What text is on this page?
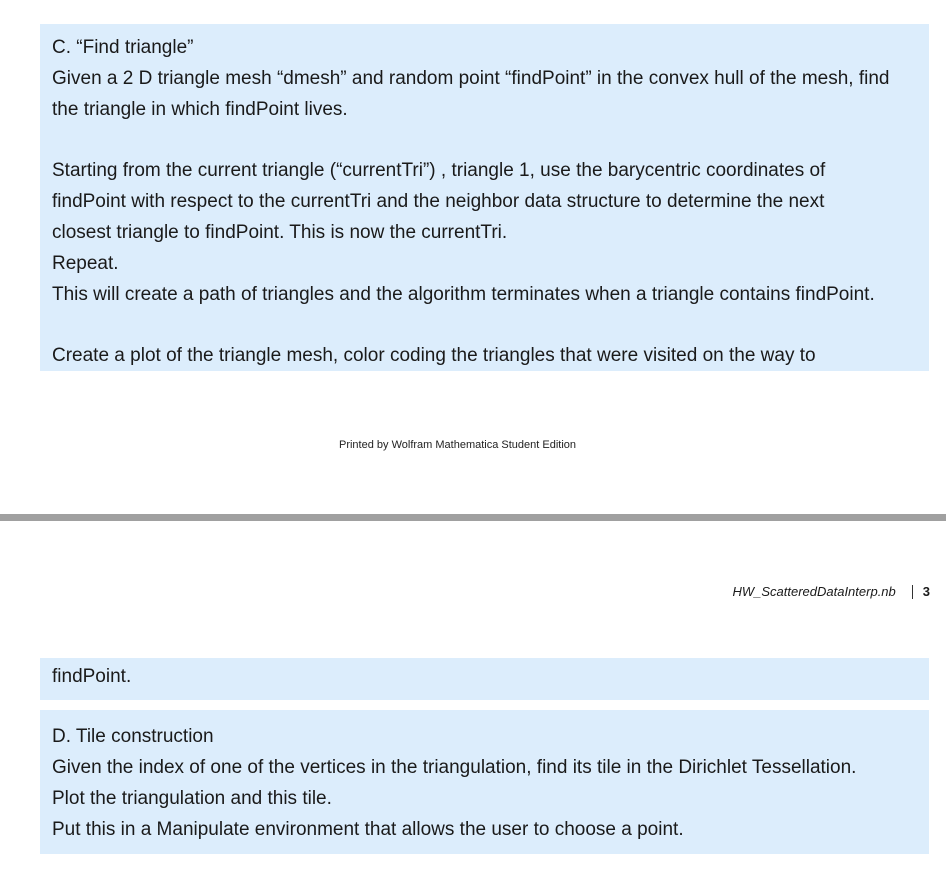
C. “Find triangle”
Given a 2 D triangle mesh “dmesh” and random point “findPoint” in the convex hull of the mesh, find
the triangle in which findPoint lives.
Starting from the current triangle (“currentTri”) , triangle 1, use the barycentric coordinates of
findPoint with respect to the currentTri and the neighbor data structure to determine the next
closest triangle to findPoint. This is now the currentTri.
Repeat.
This will create a path of triangles and the algorithm terminates when a triangle contains findPoint.
Create a plot of the triangle mesh, color coding the triangles that were visited on the way to
Printed by Wolfram Mathematica Student Edition
HW_ScatteredDataInterp.nb 3
findPoint.
D. Tile construction
Given the index of one of the vertices in the triangulation, find its tile in the Dirichlet Tessellation.
Plot the triangulation and this tile.
Put this in a Manipulate environment that allows the user to choose a point.
